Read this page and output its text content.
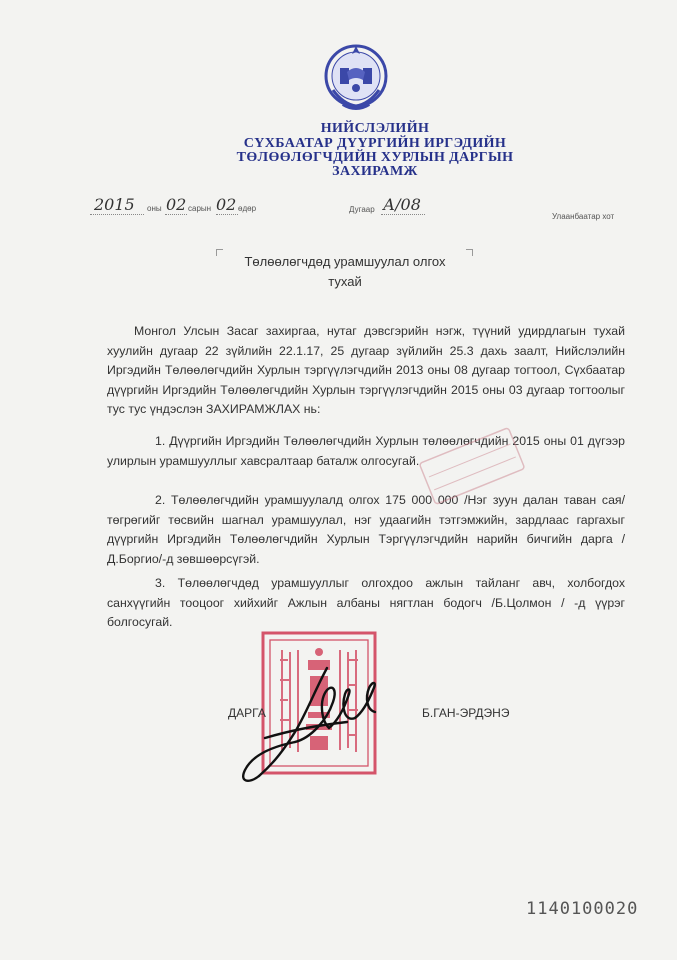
НИЙСЛЭЛИЙН
СҮХБААТАР ДҮҮРГИЙН ИРГЭДИЙН
ТӨЛӨӨЛӨГЧДИЙН ХУРЛЫН ДАРГЫН
ЗАХИРАМЖ
2015 оны 02 сарын 02 өдөр	Дугаар А/08
Улаанбаатар хот
Төлөөлөгчдөд урамшуулал олгох
тухай
Монгол Улсын Засаг захиргаа, нутаг дэвсгэрийн нэгж, түүний удирдлагын тухай хуулийн дугаар 22 зүйлийн 22.1.17, 25 дугаар зүйлийн 25.3 дахь заалт, Нийслэлийн Иргэдийн Төлөөлөгчдийн Хурлын тэргүүлэгчдийн 2013 оны 08 дугаар тогтоол, Сүхбаатар дүүргийн Иргэдийн Төлөөлөгчдийн Хурлын тэргүүлэгчдийн 2015 оны 03 дугаар тогтоолыг тус тус үндэслэн ЗАХИРАМЖЛАХ нь:
1. Дүүргийн Иргэдийн Төлөөлөгчдийн Хурлын төлөөлөгчдийн 2015 оны 01 дүгээр улирлын урамшууллыг хавсралтаар баталж олгосугай.
2. Төлөөлөгчдийн урамшуулалд олгох 175 000 000 /Нэг зуун далан таван сая/ төгрөгийг төсвийн шагнал урамшуулал, нэг удаагийн тэтгэмжийн, зардлаас гаргахыг дүүргийн Иргэдийн Төлөөлөгчдийн Хурлын Тэргүүлэгчдийн нарийн бичгийн дарга /Д.Боргио/-д зөвшөөрсүгэй.
3. Төлөөлөгчдөд урамшууллыг олгохдоо ажлын тайланг авч, холбогдох санхүүгийн тооцоог хийхийг Ажлын албаны нягтлан бодогч /Б.Цолмон / -д үүрэг болгосугай.
ДАРГА	Б.ГАН-ЭРДЭНЭ
1140100020
